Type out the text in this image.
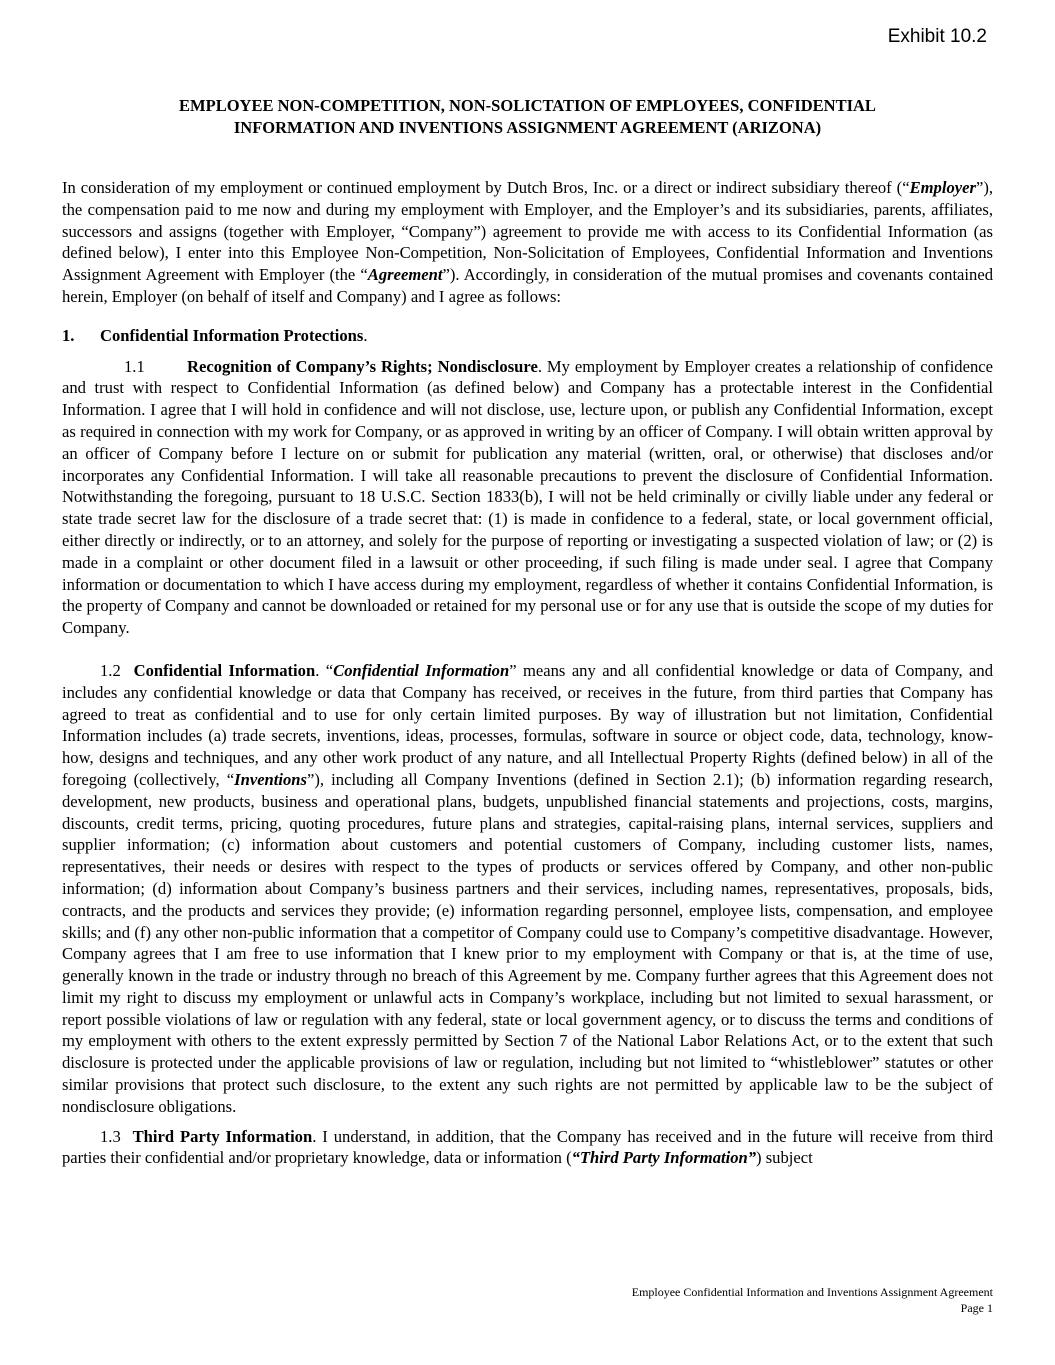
Exhibit 10.2
EMPLOYEE NON-COMPETITION, NON-SOLICTATION OF EMPLOYEES, CONFIDENTIAL
INFORMATION AND INVENTIONS ASSIGNMENT AGREEMENT (ARIZONA)

In consideration of my employment or continued employment by Dutch Bros, Inc. or a direct or indirect subsidiary thereof (“Employer”), the compensation paid to me now and during my employment with Employer, and the Employer’s and its subsidiaries, parents, affiliates, successors and assigns (together with Employer, “Company”) agreement to provide me with access to its Confidential Information (as defined below), I enter into this Employee Non-Competition, Non-Solicitation of Employees, Confidential Information and Inventions Assignment Agreement with Employer (the “Agreement”). Accordingly, in consideration of the mutual promises and covenants contained herein, Employer (on behalf of itself and Company) and I agree as follows:

1. Confidential Information Protections.

1.1	Recognition of Company’s Rights; Nondisclosure. My employment by Employer creates a relationship of confidence and trust with respect to Confidential Information (as defined below) and Company has a protectable interest in the Confidential Information. I agree that I will hold in confidence and will not disclose, use, lecture upon, or publish any Confidential Information, except as required in connection with my work for Company, or as approved in writing by an officer of Company. I will obtain written approval by an officer of Company before I lecture on or submit for publication any material (written, oral, or otherwise) that discloses and/or incorporates any Confidential Information. I will take all reasonable precautions to prevent the disclosure of Confidential Information. Notwithstanding the foregoing, pursuant to 18 U.S.C. Section 1833(b), I will not be held criminally or civilly liable under any federal or state trade secret law for the disclosure of a trade secret that: (1) is made in confidence to a federal, state, or local government official, either directly or indirectly, or to an attorney, and solely for the purpose of reporting or investigating a suspected violation of law; or (2) is made in a complaint or other document filed in a lawsuit or other proceeding, if such filing is made under seal. I agree that Company information or documentation to which I have access during my employment, regardless of whether it contains Confidential Information, is the property of Company and cannot be downloaded or retained for my personal use or for any use that is outside the scope of my duties for Company.

1.2 Confidential Information. “Confidential Information” means any and all confidential knowledge or data of Company, and includes any confidential knowledge or data that Company has received, or receives in the future, from third parties that Company has agreed to treat as confidential and to use for only certain limited purposes. By way of illustration but not limitation, Confidential Information includes (a) trade secrets, inventions, ideas, processes, formulas, software in source or object code, data, technology, know-how, designs and techniques, and any other work product of any nature, and all Intellectual Property Rights (defined below) in all of the foregoing (collectively, “Inventions”), including all Company Inventions (defined in Section 2.1); (b) information regarding research, development, new products, business and operational plans, budgets, unpublished financial statements and projections, costs, margins, discounts, credit terms, pricing, quoting procedures, future plans and strategies, capital-raising plans, internal services, suppliers and supplier information; (c) information about customers and potential customers of Company, including customer lists, names, representatives, their needs or desires with respect to the types of products or services offered by Company, and other non-public information; (d) information about Company’s business partners and their services, including names, representatives, proposals, bids, contracts, and the products and services they provide; (e) information regarding personnel, employee lists, compensation, and employee skills; and (f) any other non-public information that a competitor of Company could use to Company’s competitive disadvantage. However, Company agrees that I am free to use information that I knew prior to my employment with Company or that is, at the time of use, generally known in the trade or industry through no breach of this Agreement by me. Company further agrees that this Agreement does not limit my right to discuss my employment or unlawful acts in Company’s workplace, including but not limited to sexual harassment, or report possible violations of law or regulation with any federal, state or local government agency, or to discuss the terms and conditions of my employment with others to the extent expressly permitted by Section 7 of the National Labor Relations Act, or to the extent that such disclosure is protected under the applicable provisions of law or regulation, including but not limited to “whistleblower” statutes or other similar provisions that protect such disclosure, to the extent any such rights are not permitted by applicable law to be the subject of nondisclosure obligations.

1.3 Third Party Information. I understand, in addition, that the Company has received and in the future will receive from third parties their confidential and/or proprietary knowledge, data or information (“Third Party Information”) subject

Employee Confidential Information and Inventions Assignment Agreement
Page 1
